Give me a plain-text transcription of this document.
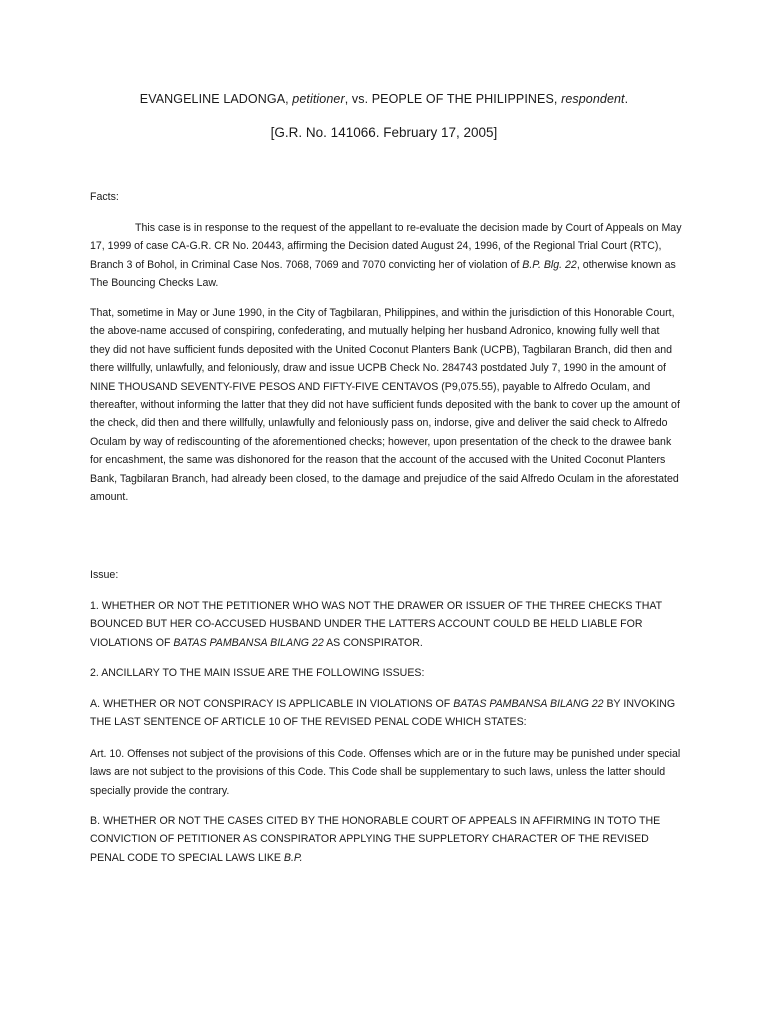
EVANGELINE LADONGA, petitioner, vs. PEOPLE OF THE PHILIPPINES, respondent.
[G.R. No. 141066. February 17, 2005]

Facts:

This case is in response to the request of the appellant to re-evaluate the decision made by Court of Appeals on May 17, 1999 of case CA-G.R. CR No. 20443, affirming the Decision dated August 24, 1996, of the Regional Trial Court (RTC), Branch 3 of Bohol, in Criminal Case Nos. 7068, 7069 and 7070 convicting her of violation of B.P. Blg. 22, otherwise known as The Bouncing Checks Law.

That, sometime in May or June 1990, in the City of Tagbilaran, Philippines, and within the jurisdiction of this Honorable Court, the above-name accused of conspiring, confederating, and mutually helping her husband Adronico, knowing fully well that they did not have sufficient funds deposited with the United Coconut Planters Bank (UCPB), Tagbilaran Branch, did then and there willfully, unlawfully, and feloniously, draw and issue UCPB Check No. 284743 postdated July 7, 1990 in the amount of NINE THOUSAND SEVENTY-FIVE PESOS AND FIFTY-FIVE CENTAVOS (P9,075.55), payable to Alfredo Oculam, and thereafter, without informing the latter that they did not have sufficient funds deposited with the bank to cover up the amount of the check, did then and there willfully, unlawfully and feloniously pass on, indorse, give and deliver the said check to Alfredo Oculam by way of rediscounting of the aforementioned checks; however, upon presentation of the check to the drawee bank for encashment, the same was dishonored for the reason that the account of the accused with the United Coconut Planters Bank, Tagbilaran Branch, had already been closed, to the damage and prejudice of the said Alfredo Oculam in the aforestated amount.

Issue:

1. WHETHER OR NOT THE PETITIONER WHO WAS NOT THE DRAWER OR ISSUER OF THE THREE CHECKS THAT BOUNCED BUT HER CO-ACCUSED HUSBAND UNDER THE LATTERS ACCOUNT COULD BE HELD LIABLE FOR VIOLATIONS OF BATAS PAMBANSA BILANG 22 AS CONSPIRATOR.

2. ANCILLARY TO THE MAIN ISSUE ARE THE FOLLOWING ISSUES:

A. WHETHER OR NOT CONSPIRACY IS APPLICABLE IN VIOLATIONS OF BATAS PAMBANSA BILANG 22 BY INVOKING THE LAST SENTENCE OF ARTICLE 10 OF THE REVISED PENAL CODE WHICH STATES:

Art. 10. Offenses not subject of the provisions of this Code. Offenses which are or in the future may be punished under special laws are not subject to the provisions of this Code. This Code shall be supplementary to such laws, unless the latter should specially provide the contrary.

B. WHETHER OR NOT THE CASES CITED BY THE HONORABLE COURT OF APPEALS IN AFFIRMING IN TOTO THE CONVICTION OF PETITIONER AS CONSPIRATOR APPLYING THE SUPPLETORY CHARACTER OF THE REVISED PENAL CODE TO SPECIAL LAWS LIKE B.P.
